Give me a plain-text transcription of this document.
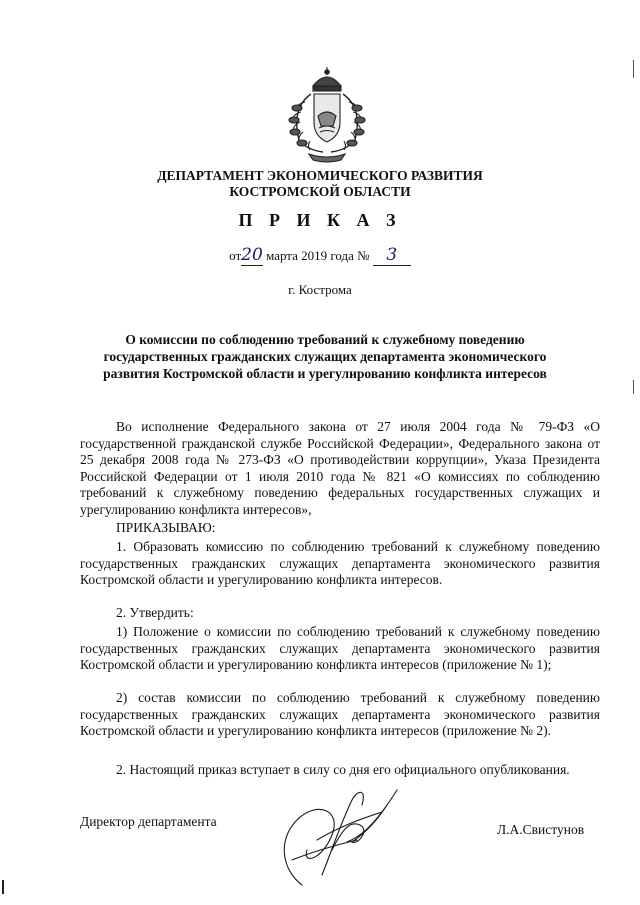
ДЕПАРТАМЕНТ ЭКОНОМИЧЕСКОГО РАЗВИТИЯ
КОСТРОМСКОЙ ОБЛАСТИ
П Р И К А З
от20 марта 2019 года № 3
г. Кострома
О комиссии по соблюдению требований к служебному поведению государственных гражданских служащих департамента экономического развития Костромской области и урегулированию конфликта интересов
Во исполнение Федерального закона от 27 июля 2004 года № 79-ФЗ «О государственной гражданской службе Российской Федерации», Федерального закона от 25 декабря 2008 года № 273-ФЗ «О противодействии коррупции», Указа Президента Российской Федерации от 1 июля 2010 года № 821 «О комиссиях по соблюдению требований к служебному поведению федеральных государственных служащих и урегулированию конфликта интересов»,
ПРИКАЗЫВАЮ:
1. Образовать комиссию по соблюдению требований к служебному поведению государственных гражданских служащих департамента экономического развития Костромской области и урегулированию конфликта интересов.
2. Утвердить:
1) Положение о комиссии по соблюдению требований к служебному поведению государственных гражданских служащих департамента экономического развития Костромской области и урегулированию конфликта интересов (приложение № 1);
2) состав комиссии по соблюдению требований к служебному поведению государственных гражданских служащих департамента экономического развития Костромской области и урегулированию конфликта интересов (приложение № 2).
2. Настоящий приказ вступает в силу со дня его официального опубликования.
Директор департамента
Л.А.Свистунов
